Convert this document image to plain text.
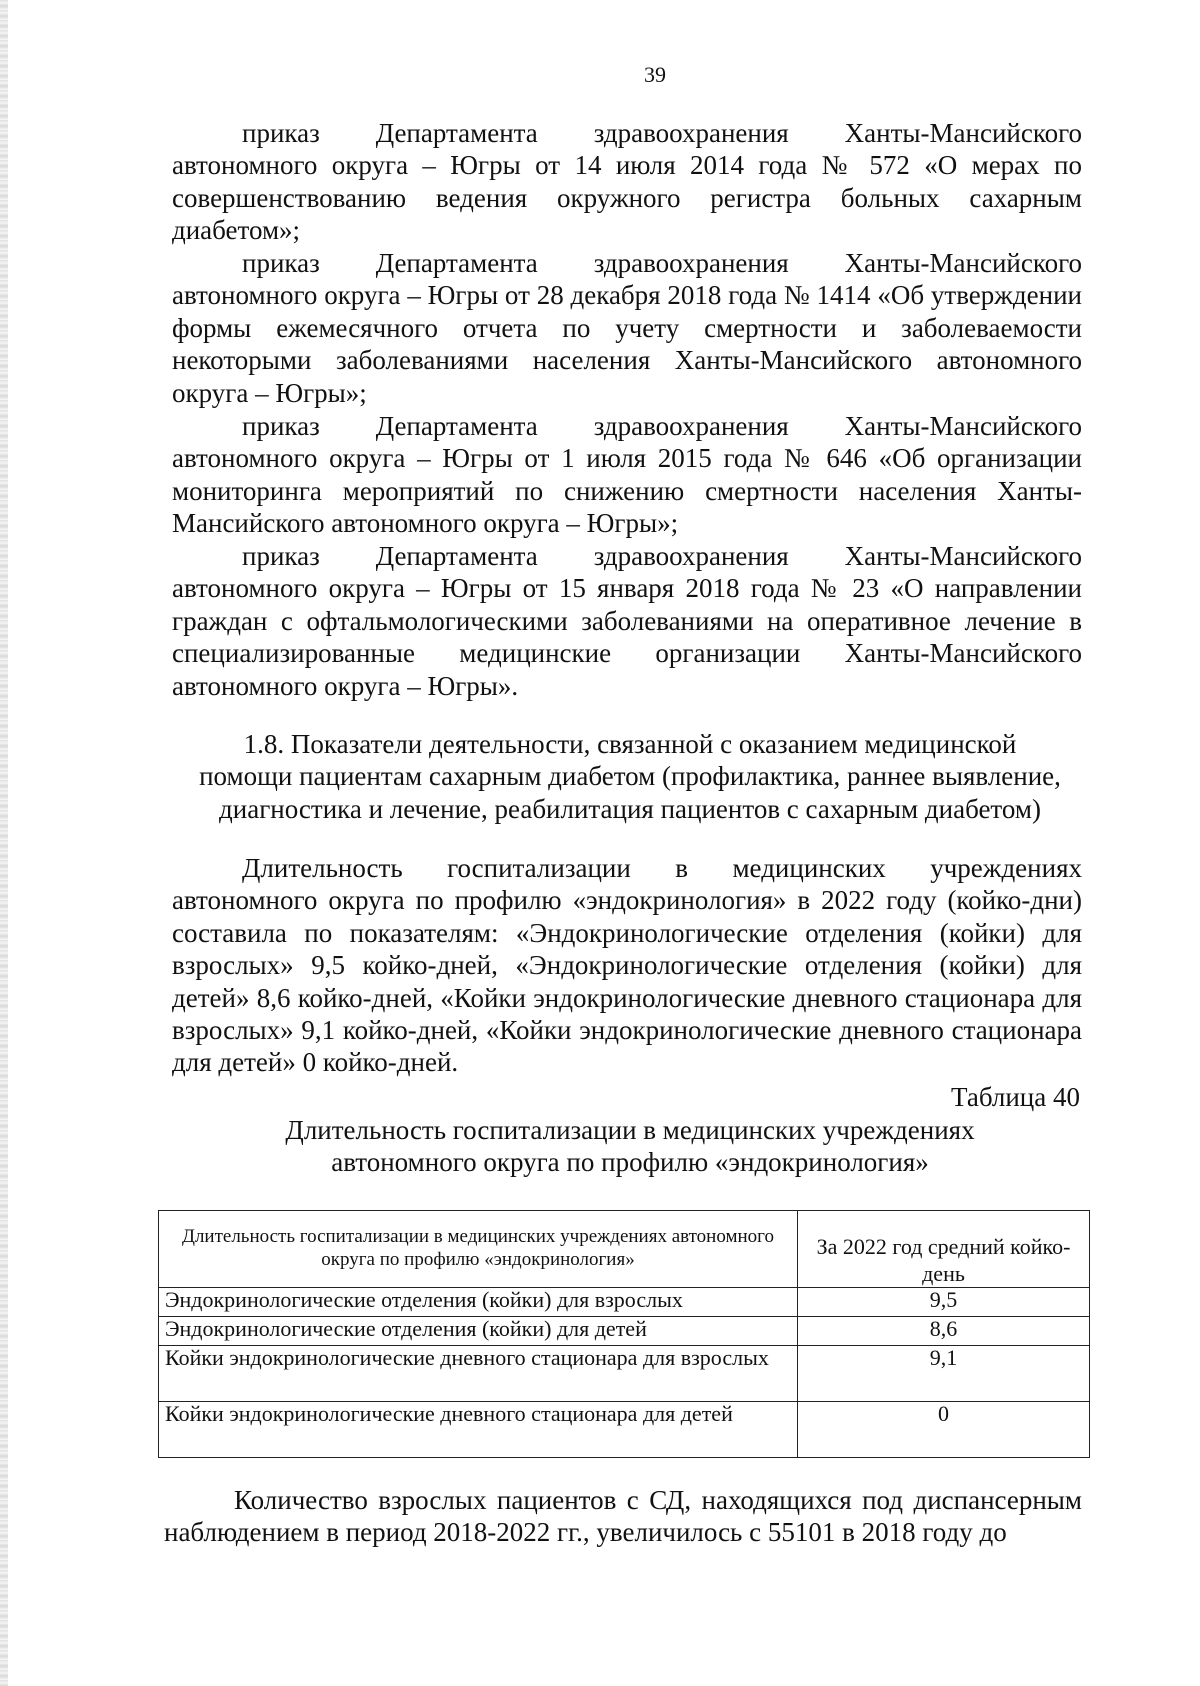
39

приказ Департамента здравоохранения Ханты-Мансийского автономного округа – Югры от 14 июля 2014 года № 572 «О мерах по совершенствованию ведения окружного регистра больных сахарным диабетом»;

приказ Департамента здравоохранения Ханты-Мансийского автономного округа – Югры от 28 декабря 2018 года № 1414 «Об утверждении формы ежемесячного отчета по учету смертности и заболеваемости некоторыми заболеваниями населения Ханты-Мансийского автономного округа – Югры»;

приказ Департамента здравоохранения Ханты-Мансийского автономного округа – Югры от 1 июля 2015 года № 646 «Об организации мониторинга мероприятий по снижению смертности населения Ханты-Мансийского автономного округа – Югры»;

приказ Департамента здравоохранения Ханты-Мансийского автономного округа – Югры от 15 января 2018 года № 23 «О направлении граждан с офтальмологическими заболеваниями на оперативное лечение в специализированные медицинские организации Ханты-Мансийского автономного округа – Югры».

1.8. Показатели деятельности, связанной с оказанием медицинской
помощи пациентам сахарным диабетом (профилактика, раннее выявление,
диагностика и лечение, реабилитация пациентов с сахарным диабетом)

Длительность госпитализации в медицинских учреждениях автономного округа по профилю «эндокринология» в 2022 году (койко-дни) составила по показателям: «Эндокринологические отделения (койки) для взрослых» 9,5 койко-дней, «Эндокринологические отделения (койки) для детей» 8,6 койко-дней, «Койки эндокринологические дневного стационара для взрослых» 9,1 койко-дней, «Койки эндокринологические дневного стационара для детей» 0 койко-дней.

Таблица 40
Длительность госпитализации в медицинских учреждениях
автономного округа по профилю «эндокринология»
Длительность госпитализации в медицинских учреждениях автономного округа по профилю «эндокринология»	За 2022 год средний койко-день
Эндокринологические отделения (койки) для взрослых	9,5
Эндокринологические отделения (койки) для детей	8,6
Койки эндокринологические дневного стационара для взрослых	9,1
Койки эндокринологические дневного стационара для детей	0

Количество взрослых пациентов с СД, находящихся под диспансерным наблюдением в период 2018-2022 гг., увеличилось с 55101 в 2018 году до
